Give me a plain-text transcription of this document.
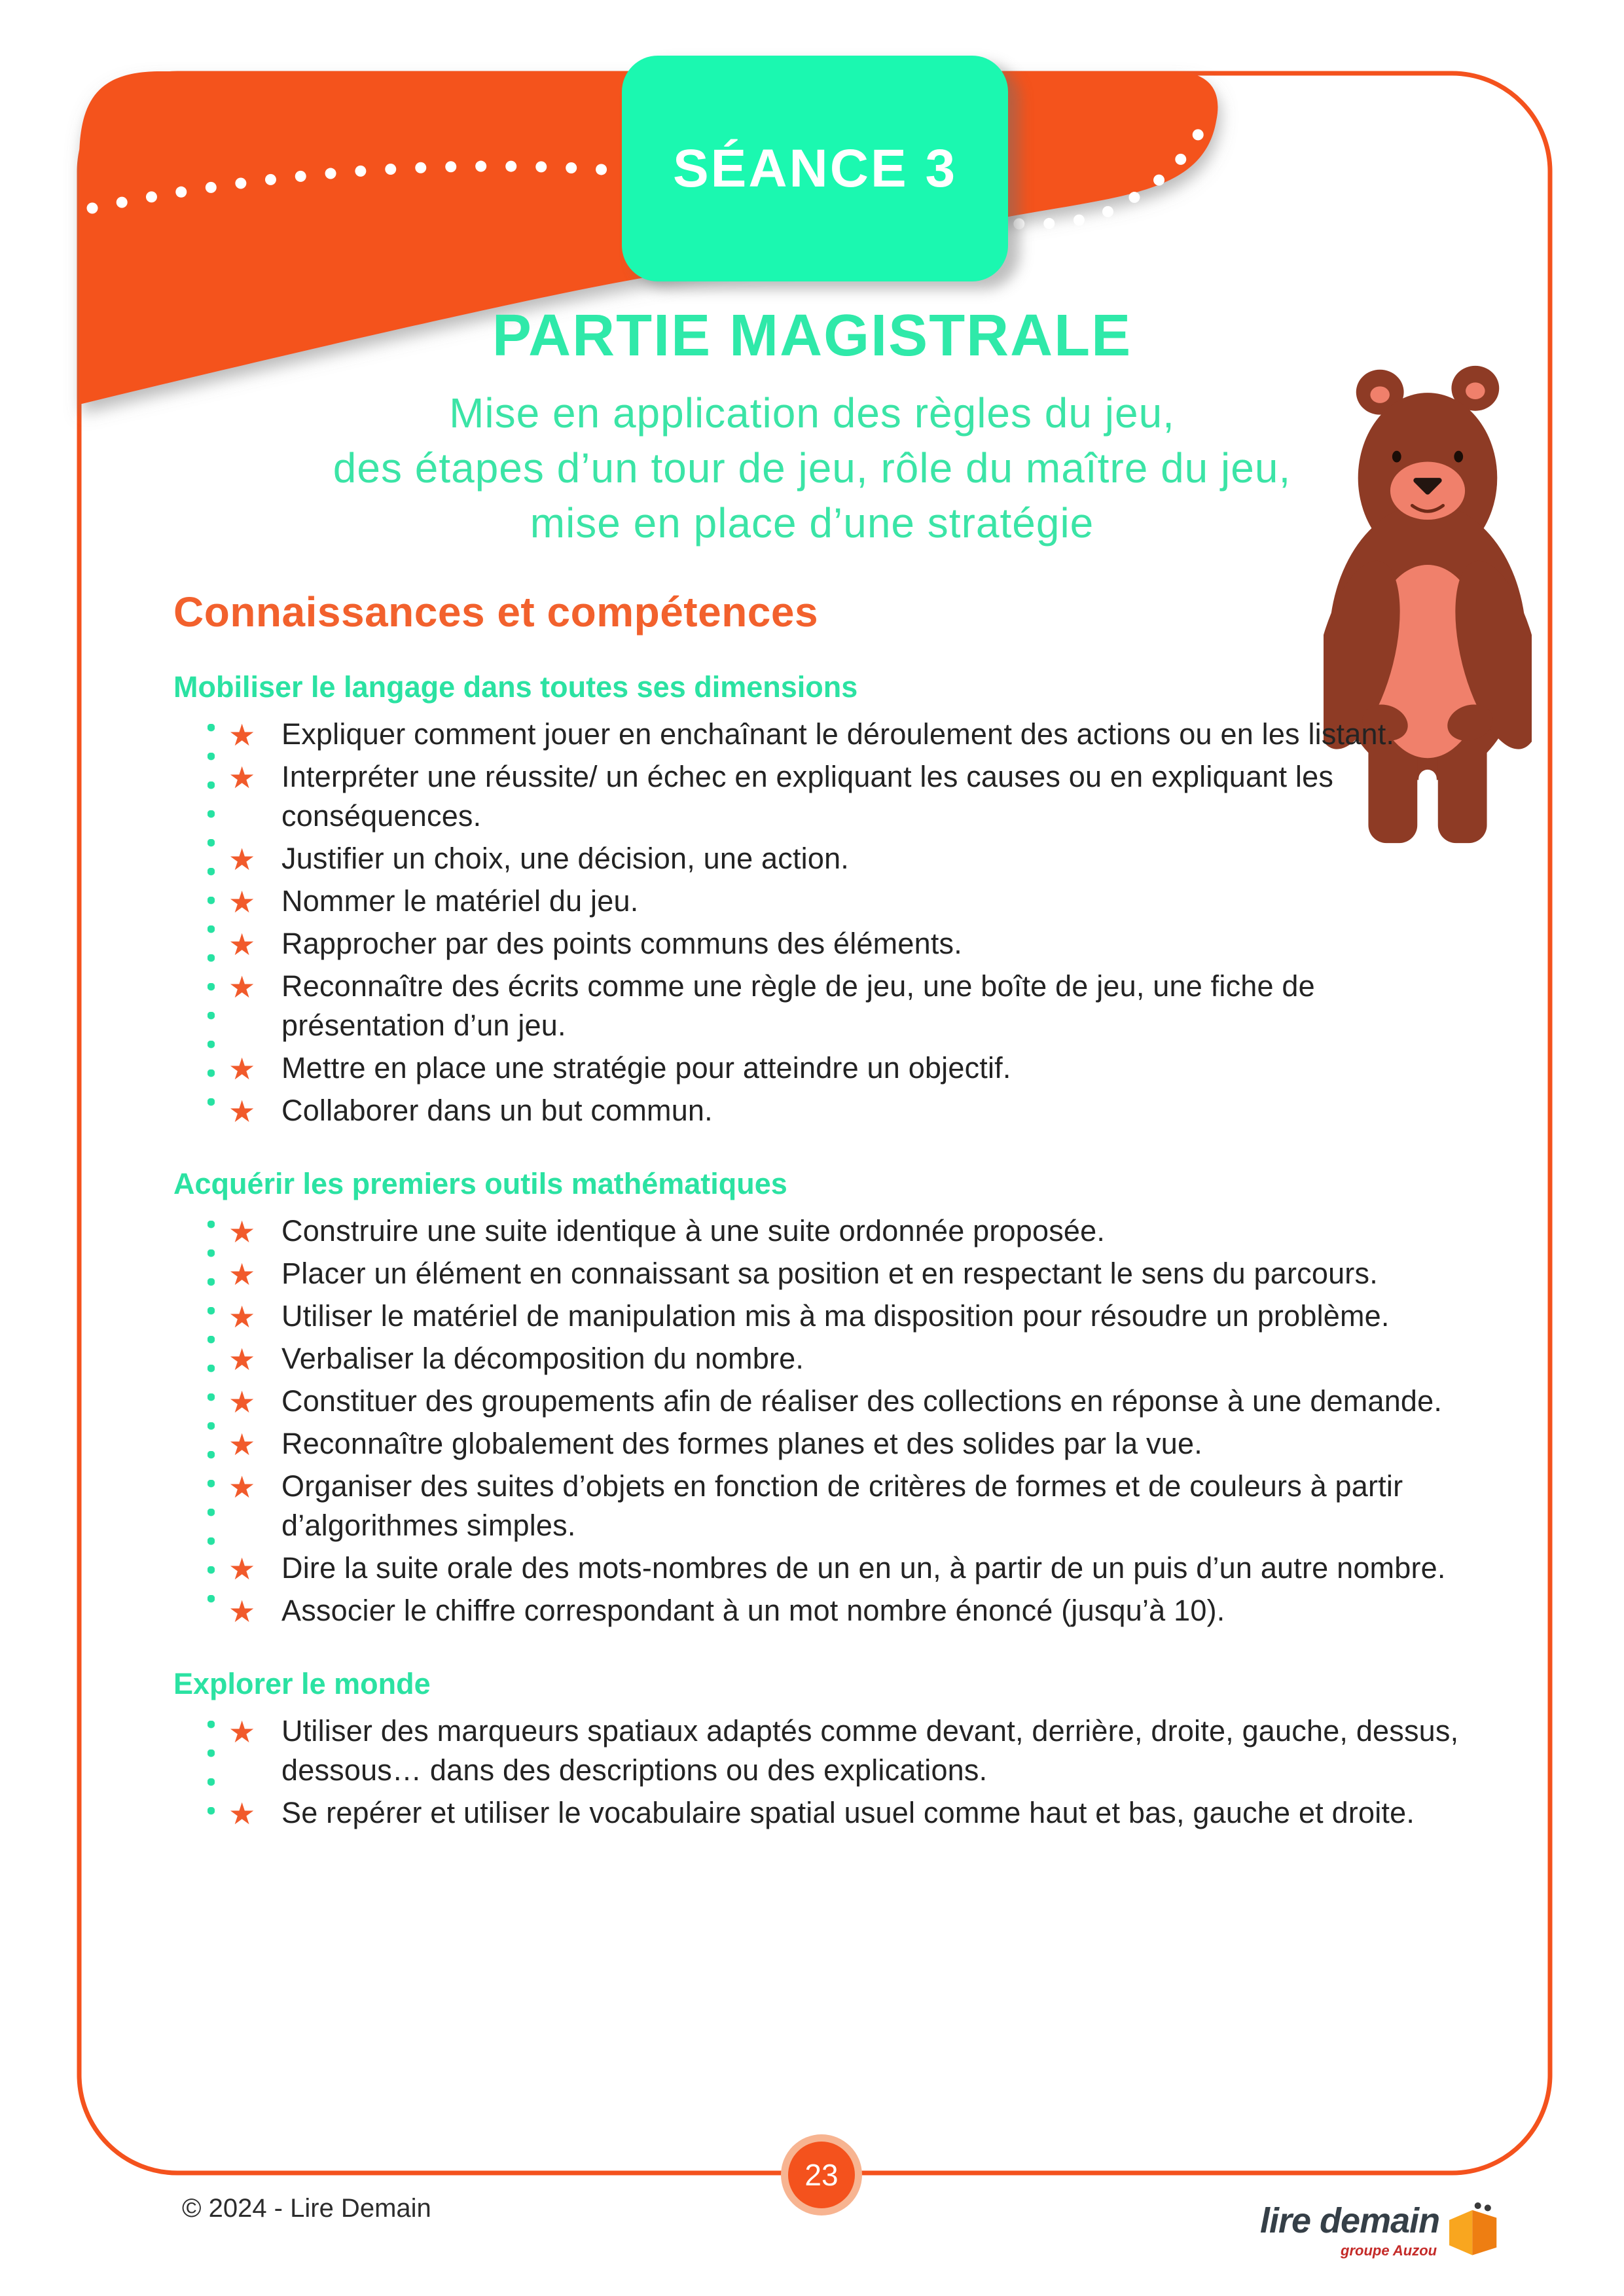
SÉANCE 3
PARTIE MAGISTRALE
Mise en application des règles du jeu,
des étapes d’un tour de jeu, rôle du maître du jeu,
mise en place d’une stratégie
Connaissances et compétences
Mobiliser le langage dans toutes ses dimensions
★ Expliquer comment jouer en enchaînant le déroulement des actions ou en les listant.
★ Interpréter une réussite/ un échec en expliquant les causes ou en expliquant les conséquences.
★ Justifier un choix, une décision, une action.
★ Nommer le matériel du jeu.
★ Rapprocher par des points communs des éléments.
★ Reconnaître des écrits comme une règle de jeu, une boîte de jeu, une fiche de présentation d’un jeu.
★ Mettre en place une stratégie pour atteindre un objectif.
★ Collaborer dans un but commun.
Acquérir les premiers outils mathématiques
★ Construire une suite identique à une suite ordonnée proposée.
★ Placer un élément en connaissant sa position et en respectant le sens du parcours.
★ Utiliser le matériel de manipulation mis à ma disposition pour résoudre un problème.
★ Verbaliser la décomposition du nombre.
★ Constituer des groupements afin de réaliser des collections en réponse à une demande.
★ Reconnaître globalement des formes planes et des solides par la vue.
★ Organiser des suites d’objets en fonction de critères de formes et de couleurs à partir d’algorithmes simples.
★ Dire la suite orale des mots-nombres de un en un, à partir de un puis d’un autre nombre.
★ Associer le chiffre correspondant à un mot nombre énoncé (jusqu’à 10).
Explorer le monde
★ Utiliser des marqueurs spatiaux adaptés comme devant, derrière, droite, gauche, dessus, dessous… dans des descriptions ou des explications.
★ Se repérer et utiliser le vocabulaire spatial usuel comme haut et bas, gauche et droite.
© 2024 - Lire Demain
23
lire demain
groupe Auzou
